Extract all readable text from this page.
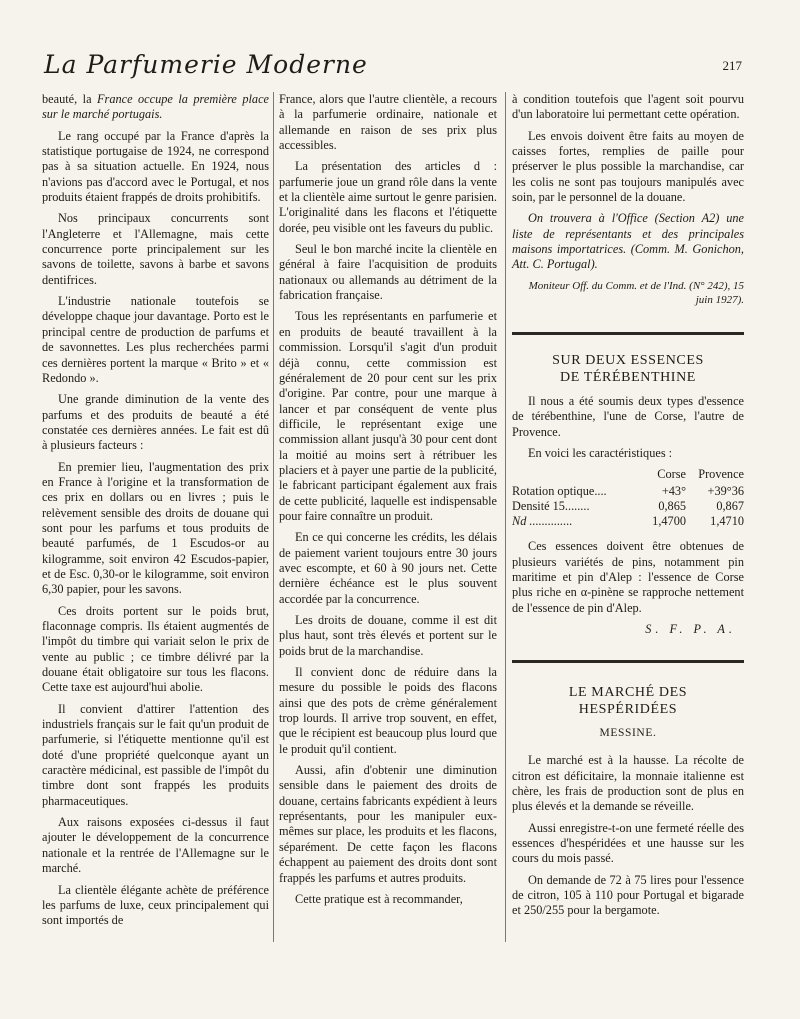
La Parfumerie Moderne	217

beauté, la France occupe la première place sur le marché portugais.

Le rang occupé par la France d'après la statistique portugaise de 1924, ne correspond pas à sa situation actuelle. En 1924, nous n'avions pas d'accord avec le Portugal, et nos produits étaient frappés de droits prohibitifs.

Nos principaux concurrents sont l'Angleterre et l'Allemagne, mais cette concurrence porte principalement sur les savons de toilette, savons à barbe et savons dentifrices.

L'industrie nationale toutefois se développe chaque jour davantage. Porto est le principal centre de production de parfums et de savonnettes. Les plus recherchées parmi ces dernières portent la marque « Brito » et « Redondo ».

Une grande diminution de la vente des parfums et des produits de beauté a été constatée ces dernières années. Le fait est dû à plusieurs facteurs :

En premier lieu, l'augmentation des prix en France à l'origine et la transformation de ces prix en dollars ou en livres ; puis le relèvement sensible des droits de douane qui sont pour les parfums et tous produits de beauté parfumés, de 1 Escudos-or au kilogramme, soit environ 42 Escudos-papier, et de Esc. 0,30-or le kilogramme, soit environ 6,30 papier, pour les savons.

Ces droits portent sur le poids brut, flaconnage compris. Ils étaient augmentés de l'impôt du timbre qui variait selon le prix de vente au public ; ce timbre délivré par la douane était obligatoire sur tous les flacons. Cette taxe est aujourd'hui abolie.

Il convient d'attirer l'attention des industriels français sur le fait qu'un produit de parfumerie, si l'étiquette mentionne qu'il est doté d'une propriété quelconque ayant un caractère médicinal, est passible de l'impôt du timbre dont sont frappés les produits pharmaceutiques.

Aux raisons exposées ci-dessus il faut ajouter le développement de la concurrence nationale et la rentrée de l'Allemagne sur le marché.

La clientèle élégante achète de préférence les parfums de luxe, ceux principalement qui sont importés de

France, alors que l'autre clientèle, a recours à la parfumerie ordinaire, nationale et allemande en raison de ses prix plus accessibles.

La présentation des articles d : parfumerie joue un grand rôle dans la vente et la clientèle aime surtout le genre parisien. L'originalité dans les flacons et l'étiquette dorée, peu visible ont les faveurs du public.

Seul le bon marché incite la clientèle en général à faire l'acquisition de produits nationaux ou allemands au détriment de la fabrication française.

Tous les représentants en parfumerie et en produits de beauté travaillent à la commission. Lorsqu'il s'agit d'un produit déjà connu, cette commission est généralement de 20 pour cent sur les prix d'origine. Par contre, pour une marque à lancer et par conséquent de vente plus difficile, le représentant exige une commission allant jusqu'à 30 pour cent dont la moitié au moins sert à rétribuer les placiers et à payer une partie de la publicité, le fabricant participant également aux frais de cette publicité, laquelle est indispensable pour faire connaître un produit.

En ce qui concerne les crédits, les délais de paiement varient toujours entre 30 jours avec escompte, et 60 à 90 jours net. Cette dernière échéance est le plus souvent accordée par la concurrence.

Les droits de douane, comme il est dit plus haut, sont très élevés et portent sur le poids brut de la marchandise.

Il convient donc de réduire dans la mesure du possible le poids des flacons ainsi que des pots de crème généralement trop lourds. Il arrive trop souvent, en effet, que le récipient est beaucoup plus lourd que le produit qu'il contient.

Aussi, afin d'obtenir une diminution sensible dans le paiement des droits de douane, certains fabricants expédient à leurs représentants, pour les manipuler eux-mêmes sur place, les produits et les flacons, séparément. De cette façon les flacons échappent au paiement des droits dont sont frappés les parfums et autres produits.

Cette pratique est à recommander,

à condition toutefois que l'agent soit pourvu d'un laboratoire lui permettant cette opération.

Les envois doivent être faits au moyen de caisses fortes, remplies de paille pour préserver le plus possible la marchandise, car les colis ne sont pas toujours manipulés avec soin, par le personnel de la douane.

On trouvera à l'Office (Section A2) une liste de représentants et des principales maisons importatrices. (Comm. M. Gonichon, Att. C. Portugal).

Moniteur Off. du Comm. et de l'Ind. (N° 242), 15 juin 1927).
SUR DEUX ESSENCES
DE TÉRÉBENTHINE

Il nous a été soumis deux types d'essence de térébenthine, l'une de Corse, l'autre de Provence.

En voici les caractéristiques :

	Corse	Provence
Rotation optique....	+43°	+39°36
Densité 15........	0,865	0,867
Nd ..............	1,4700	1,4710

Ces essences doivent être obtenues de plusieurs variétés de pins, notamment pin maritime et pin d'Alep : l'essence de Corse plus riche en α-pinène se rapproche nettement de l'essence de pin d'Alep.

S. F. P. A.
LE MARCHÉ DES
HESPÉRIDÉES
MESSINE.

Le marché est à la hausse. La récolte de citron est déficitaire, la monnaie italienne est chère, les frais de production sont de plus en plus élevés et la demande se réveille.

Aussi enregistre-t-on une fermeté réelle des essences d'hespéridées et une hausse sur les cours du mois passé.

On demande de 72 à 75 lires pour l'essence de citron, 105 à 110 pour Portugal et bigarade et 250/255 pour la bergamote.
